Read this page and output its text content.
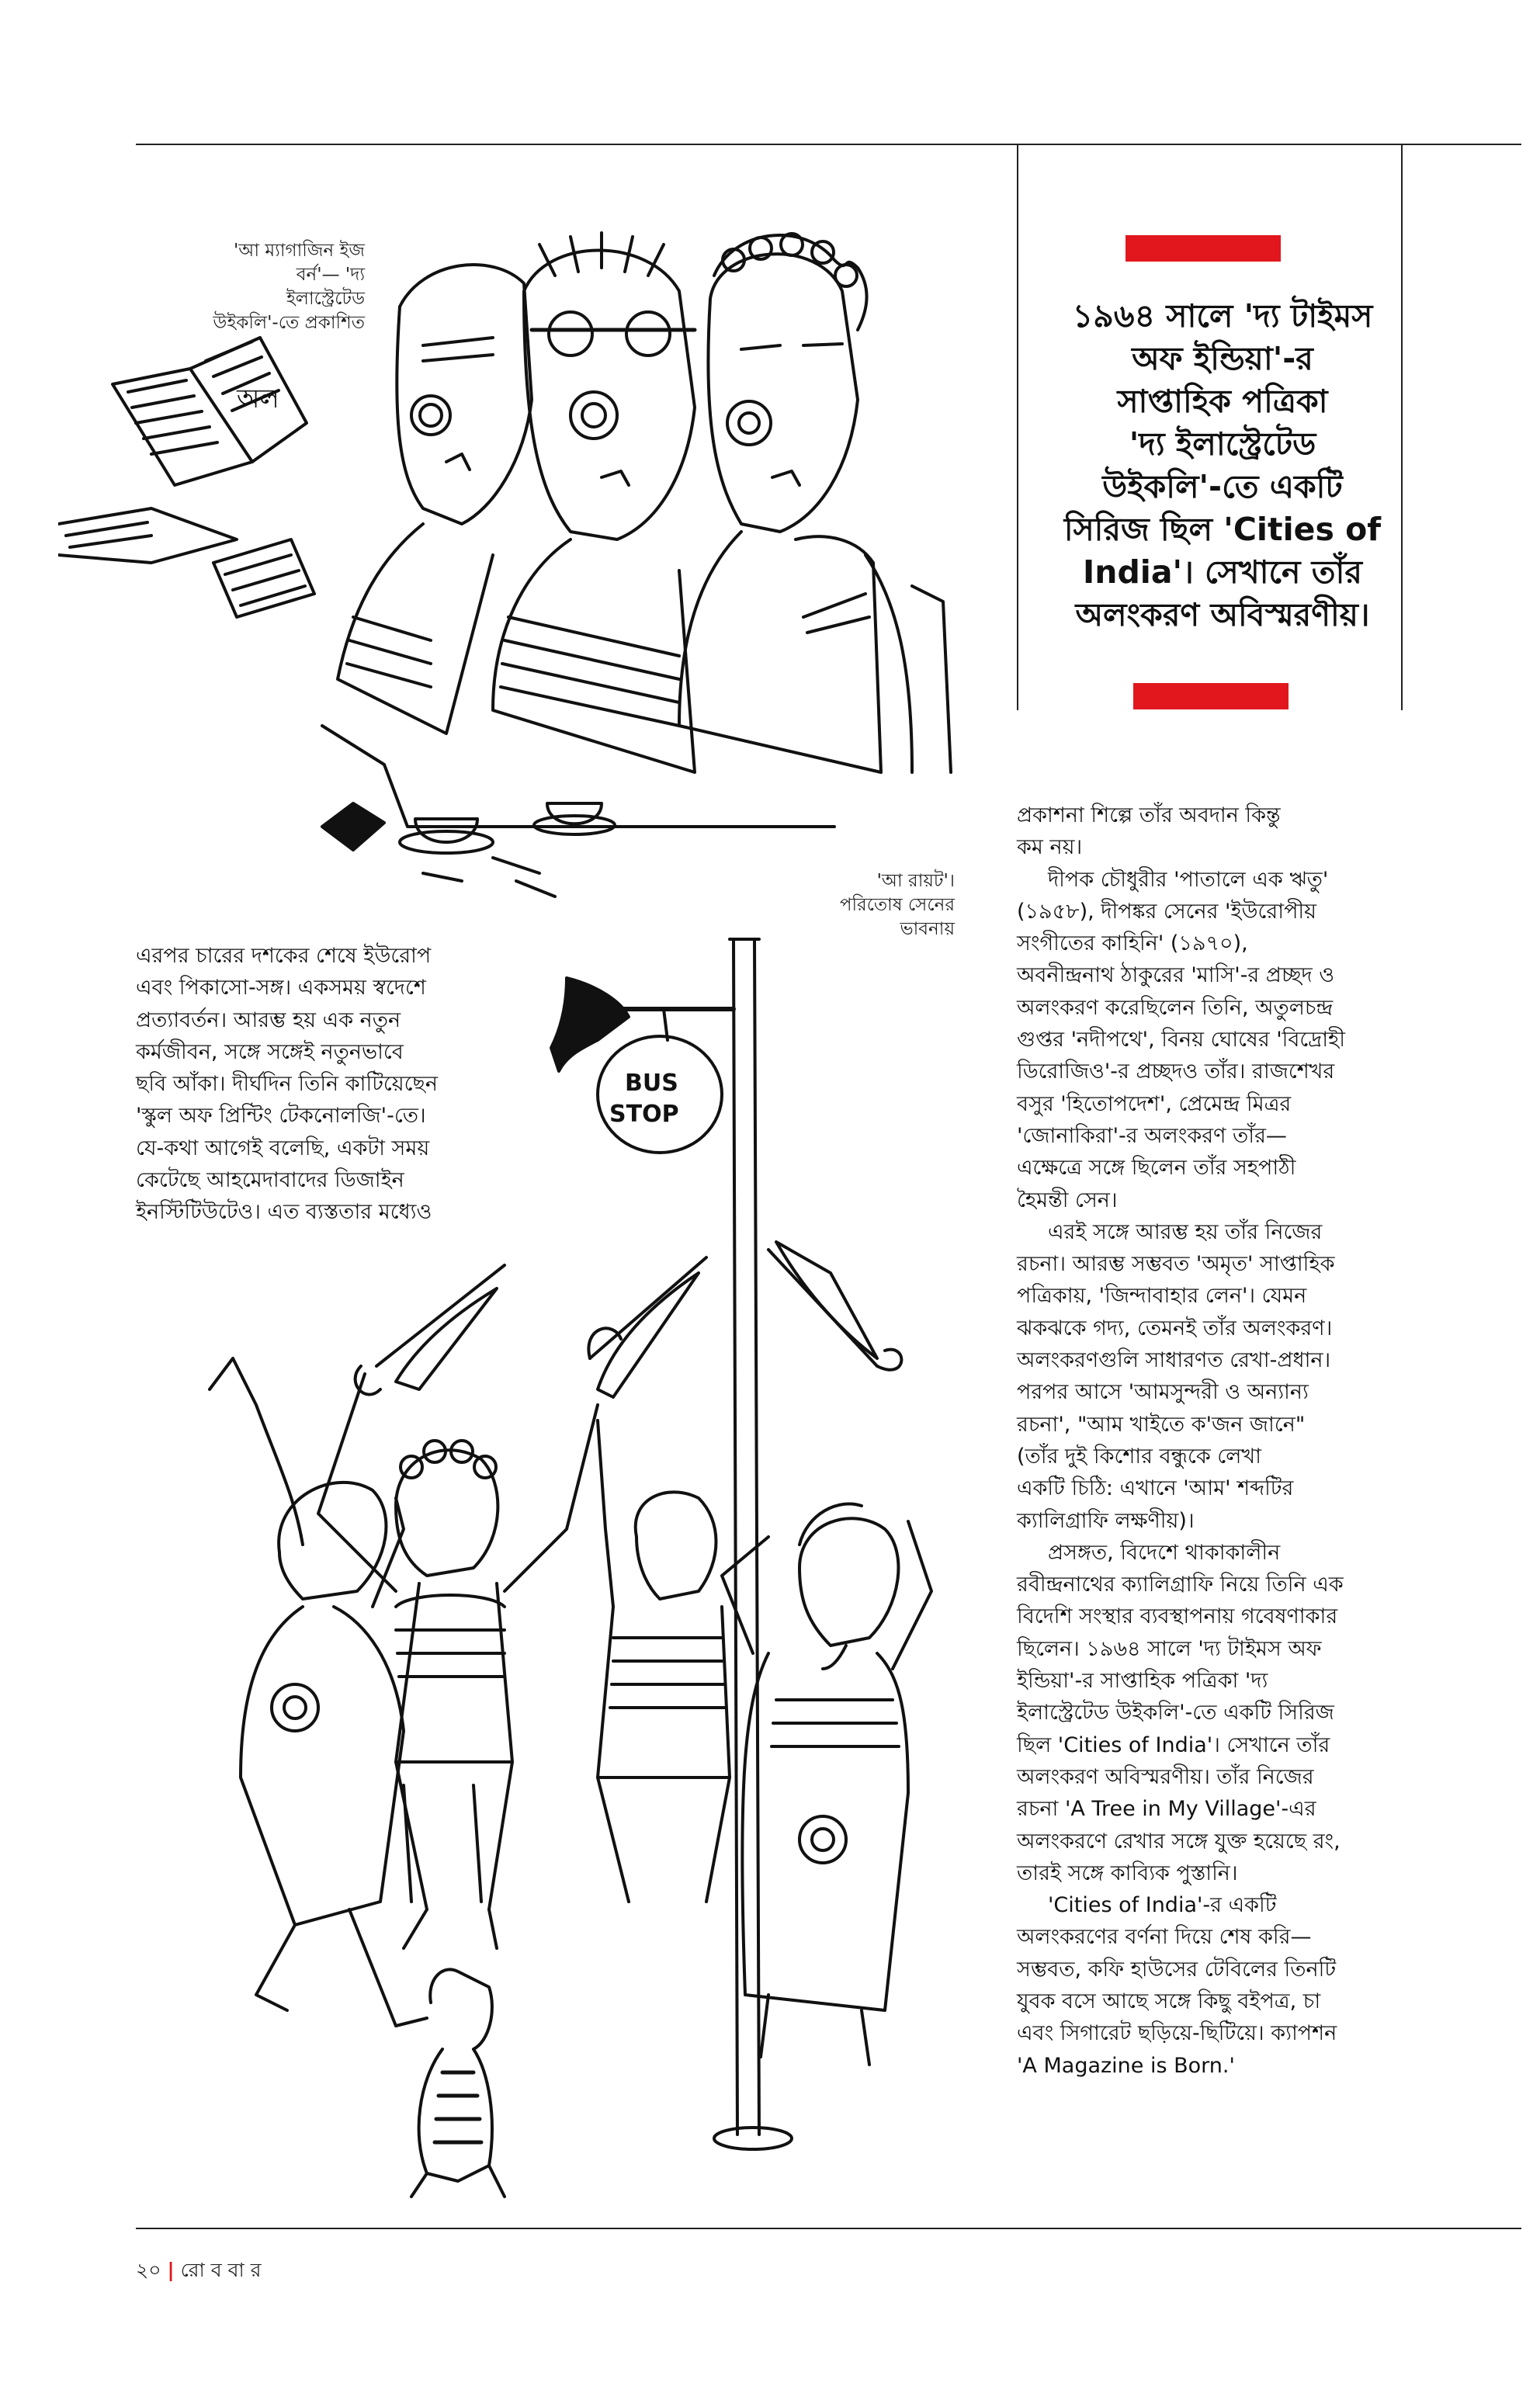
অল
'আ ম্যাগাজিন ইজ
বর্ন'— 'দ্য
ইলাস্ট্রেটেড
উইকলি'-তে প্রকাশিত	১৯৬৪ সালে 'দ্য টাইমস
অফ ইন্ডিয়া'-র
সাপ্তাহিক পত্রিকা
'দ্য ইলাস্ট্রেটেড
উইকলি'-তে একটি
সিরিজ ছিল 'Cities of
India'। সেখানে তাঁর
অলংকরণ অবিস্মরণীয়।
'আ রায়ট'।
পরিতোষ সেনের
ভাবনায়

এরপর চারের দশকের শেষে ইউরোপ
এবং পিকাসো-সঙ্গ। একসময় স্বদেশে
প্রত্যাবর্তন। আরম্ভ হয় এক নতুন
কর্মজীবন, সঙ্গে সঙ্গেই নতুনভাবে
ছবি আঁকা। দীর্ঘদিন তিনি কাটিয়েছেন
'স্কুল অফ প্রিন্টিং টেকনোলজি'-তে।
যে-কথা আগেই বলেছি, একটা সময়
কেটেছে আহমেদাবাদের ডিজাইন
ইনস্টিটিউটেও। এত ব্যস্ততার মধ্যেও

BUS
STOP

প্রকাশনা শিল্পে তাঁর অবদান কিন্তু
কম নয়।

দীপক চৌধুরীর 'পাতালে এক ঋতু'
(১৯৫৮), দীপঙ্কর সেনের 'ইউরোপীয়
সংগীতের কাহিনি' (১৯৭০),
অবনীন্দ্রনাথ ঠাকুরের 'মাসি'-র প্রচ্ছদ ও
অলংকরণ করেছিলেন তিনি, অতুলচন্দ্র
গুপ্তর 'নদীপথে', বিনয় ঘোষের 'বিদ্রোহী
ডিরোজিও'-র প্রচ্ছদও তাঁর। রাজশেখর
বসুর 'হিতোপদেশ', প্রেমেন্দ্র মিত্রর
'জোনাকিরা'-র অলংকরণ তাঁর—
এক্ষেত্রে সঙ্গে ছিলেন তাঁর সহপাঠী
হৈমন্তী সেন।

এরই সঙ্গে আরম্ভ হয় তাঁর নিজের
রচনা। আরম্ভ সম্ভবত 'অমৃত' সাপ্তাহিক
পত্রিকায়, 'জিন্দাবাহার লেন'। যেমন
ঝকঝকে গদ্য, তেমনই তাঁর অলংকরণ।
অলংকরণগুলি সাধারণত রেখা-প্রধান।
পরপর আসে 'আমসুন্দরী ও অন্যান্য
রচনা', "আম খাইতে ক'জন জানে"
(তাঁর দুই কিশোর বন্ধুকে লেখা
একটি চিঠি: এখানে 'আম' শব্দটির
ক্যালিগ্রাফি লক্ষণীয়)।

প্রসঙ্গত, বিদেশে থাকাকালীন
রবীন্দ্রনাথের ক্যালিগ্রাফি নিয়ে তিনি এক
বিদেশি সংস্থার ব্যবস্থাপনায় গবেষণাকার
ছিলেন। ১৯৬৪ সালে 'দ্য টাইমস অফ
ইন্ডিয়া'-র সাপ্তাহিক পত্রিকা 'দ্য
ইলাস্ট্রেটেড উইকলি'-তে একটি সিরিজ
ছিল 'Cities of India'। সেখানে তাঁর
অলংকরণ অবিস্মরণীয়। তাঁর নিজের
রচনা 'A Tree in My Village'-এর
অলংকরণে রেখার সঙ্গে যুক্ত হয়েছে রং,
তারই সঙ্গে কাব্যিক পুস্তানি।

'Cities of India'-র একটি
অলংকরণের বর্ণনা দিয়ে শেষ করি—
সম্ভবত, কফি হাউসের টেবিলের তিনটি
যুবক বসে আছে সঙ্গে কিছু বইপত্র, চা
এবং সিগারেট ছড়িয়ে-ছিটিয়ে। ক্যাপশন
'A Magazine is Born.'

২০ | রো ব বা র
